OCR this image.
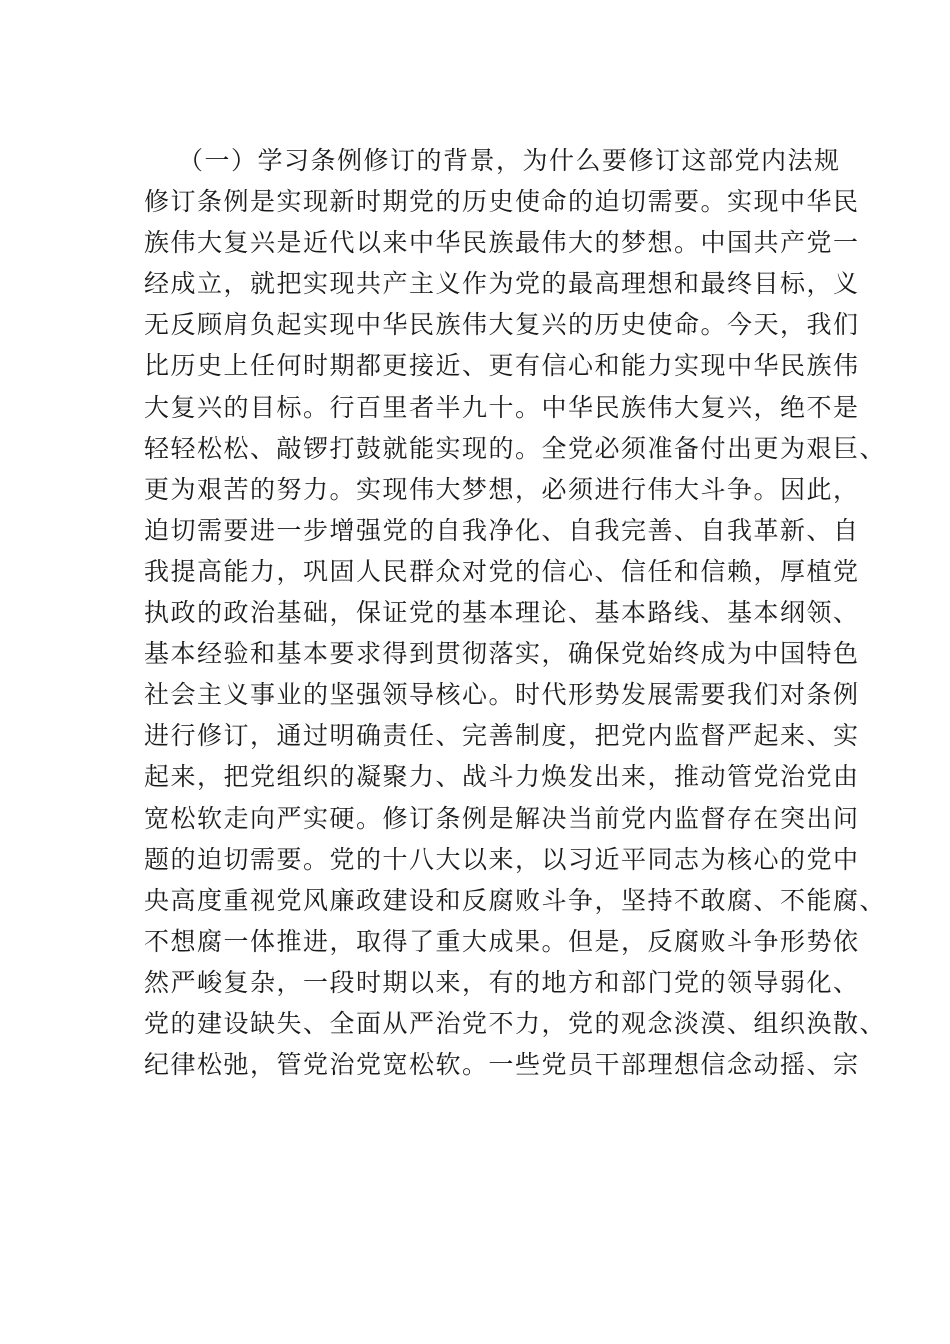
（一）学习条例修订的背景，为什么要修订这部党内法规
修订条例是实现新时期党的历史使命的迫切需要。实现中华民
族伟大复兴是近代以来中华民族最伟大的梦想。中国共产党一
经成立，就把实现共产主义作为党的最高理想和最终目标，义
无反顾肩负起实现中华民族伟大复兴的历史使命。今天，我们
比历史上任何时期都更接近、更有信心和能力实现中华民族伟
大复兴的目标。行百里者半九十。中华民族伟大复兴，绝不是
轻轻松松、敲锣打鼓就能实现的。全党必须准备付出更为艰巨、
更为艰苦的努力。实现伟大梦想，必须进行伟大斗争。因此，
迫切需要进一步增强党的自我净化、自我完善、自我革新、自
我提高能力，巩固人民群众对党的信心、信任和信赖，厚植党
执政的政治基础，保证党的基本理论、基本路线、基本纲领、
基本经验和基本要求得到贯彻落实，确保党始终成为中国特色
社会主义事业的坚强领导核心。时代形势发展需要我们对条例
进行修订，通过明确责任、完善制度，把党内监督严起来、实
起来，把党组织的凝聚力、战斗力焕发出来，推动管党治党由
宽松软走向严实硬。修订条例是解决当前党内监督存在突出问
题的迫切需要。党的十八大以来，以习近平同志为核心的党中
央高度重视党风廉政建设和反腐败斗争，坚持不敢腐、不能腐、
不想腐一体推进，取得了重大成果。但是，反腐败斗争形势依
然严峻复杂，一段时期以来，有的地方和部门党的领导弱化、
党的建设缺失、全面从严治党不力，党的观念淡漠、组织涣散、
纪律松弛，管党治党宽松软。一些党员干部理想信念动摇、宗
